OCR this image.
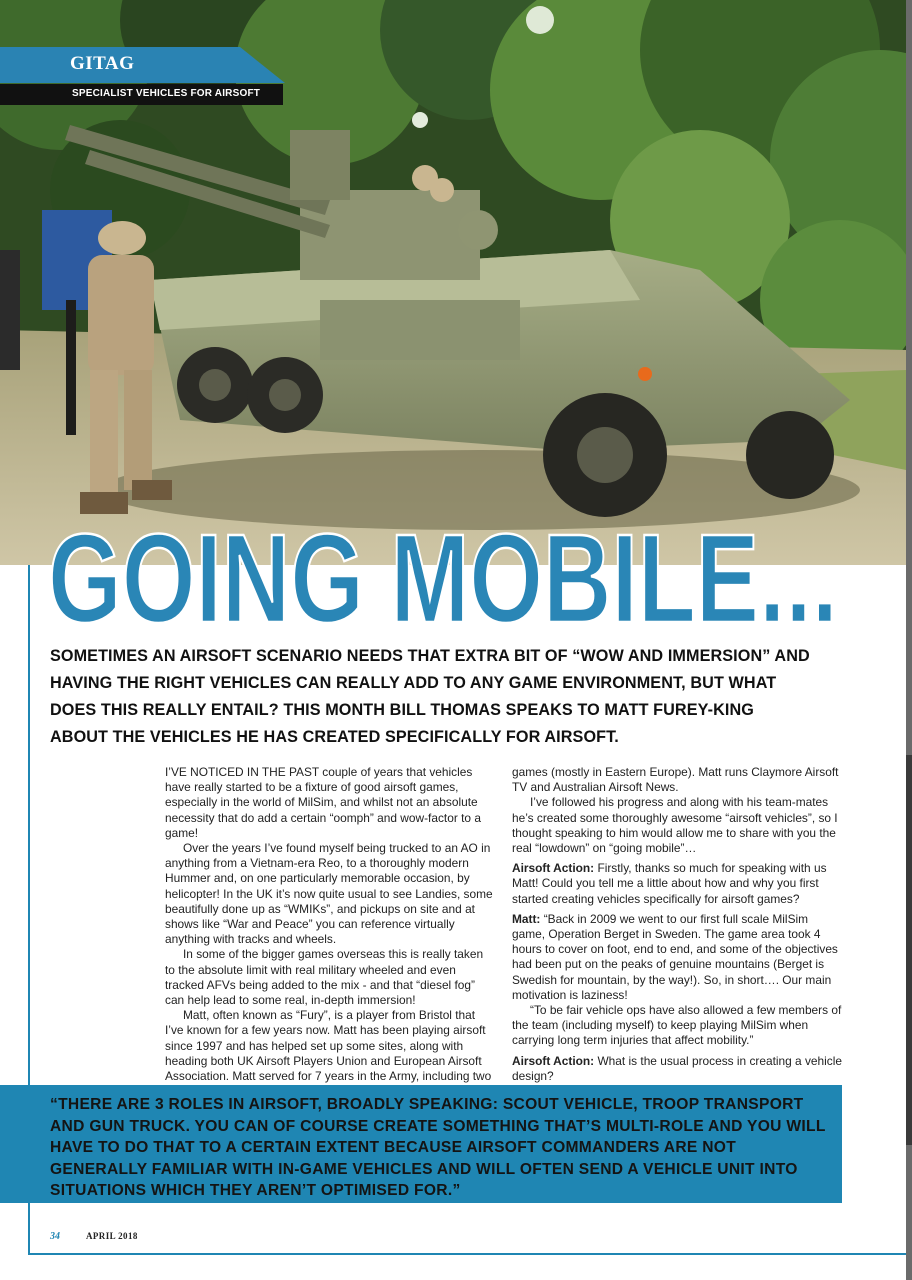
GITAG
SPECIALIST VEHICLES FOR AIRSOFT
GOING MOBILE...
SOMETIMES AN AIRSOFT SCENARIO NEEDS THAT EXTRA BIT OF “WOW AND IMMERSION” AND HAVING THE RIGHT VEHICLES CAN REALLY ADD TO ANY GAME ENVIRONMENT, BUT WHAT DOES THIS REALLY ENTAIL? THIS MONTH BILL THOMAS SPEAKS TO MATT FUREY-KING ABOUT THE VEHICLES HE HAS CREATED SPECIFICALLY FOR AIRSOFT.

I’VE NOTICED IN THE PAST couple of years that vehicles have really started to be a fixture of good airsoft games, especially in the world of MilSim, and whilst not an absolute necessity that do add a certain “oomph” and wow-factor to a game!

Over the years I’ve found myself being trucked to an AO in anything from a Vietnam-era Reo, to a thoroughly modern Hummer and, on one particularly memorable occasion, by helicopter! In the UK it’s now quite usual to see Landies, some beautifully done up as “WMIKs”, and pickups on site and at shows like “War and Peace” you can reference virtually anything with tracks and wheels.

In some of the bigger games overseas this is really taken to the absolute limit with real military wheeled and even tracked AFVs being added to the mix - and that “diesel fog” can help lead to some real, in-depth immersion!

Matt, often known as “Fury”, is a player from Bristol that I’ve known for a few years now. Matt has been playing airsoft since 1997 and has helped set up some sites, along with heading both UK Airsoft Players Union and European Airsoft Association. Matt served for 7 years in the Army, including two

games (mostly in Eastern Europe). Matt runs Claymore Airsoft TV and Australian Airsoft News.

I’ve followed his progress and along with his team-mates he’s created some thoroughly awesome “airsoft vehicles”, so I thought speaking to him would allow me to share with you the real “lowdown” on “going mobile”…

Airsoft Action: Firstly, thanks so much for speaking with us Matt! Could you tell me a little about how and why you first started creating vehicles specifically for airsoft games?

Matt: “Back in 2009 we went to our first full scale MilSim game, Operation Berget in Sweden. The game area took 4 hours to cover on foot, end to end, and some of the objectives had been put on the peaks of genuine mountains (Berget is Swedish for mountain, by the way!). So, in short…. Our main motivation is laziness!

“To be fair vehicle ops have also allowed a few members of the team (including myself) to keep playing MilSim when carrying long term injuries that affect mobility.”

Airsoft Action: What is the usual process in creating a vehicle design?

“THERE ARE 3 ROLES IN AIRSOFT, BROADLY SPEAKING: SCOUT VEHICLE, TROOP TRANSPORT AND GUN TRUCK. YOU CAN OF COURSE CREATE SOMETHING THAT’S MULTI-ROLE AND YOU WILL HAVE TO DO THAT TO A CERTAIN EXTENT BECAUSE AIRSOFT COMMANDERS ARE NOT GENERALLY FAMILIAR WITH IN-GAME VEHICLES AND WILL OFTEN SEND A VEHICLE UNIT INTO SITUATIONS WHICH THEY AREN’T OPTIMISED FOR.”
34	APRIL 2018
